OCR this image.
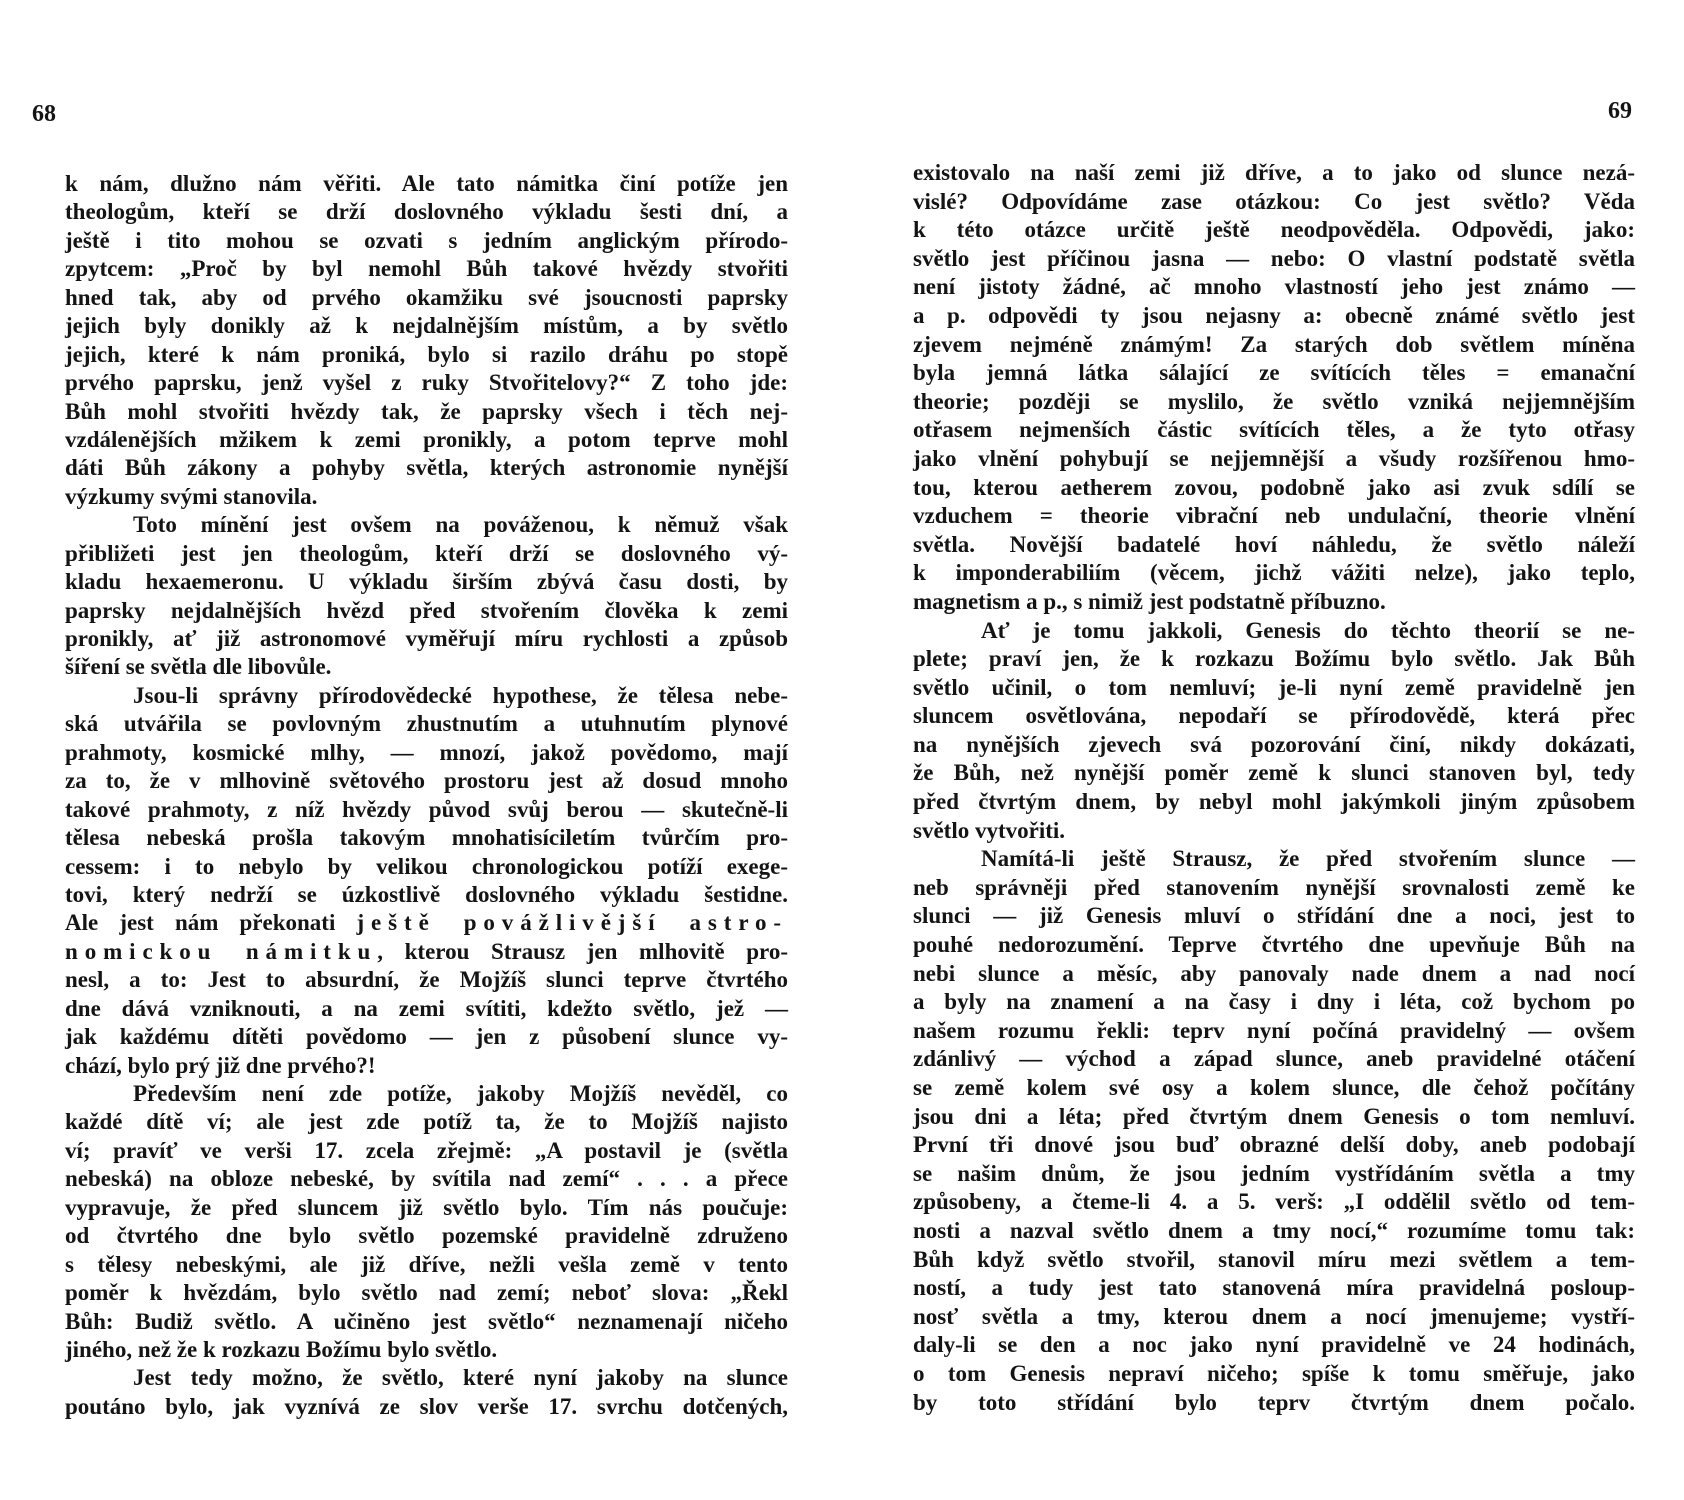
68
k nám, dlužno nám věřiti. Ale tato námitka činí potíže jen
theologům, kteří se drží doslovného výkladu šesti dní, a
ještě i tito mohou se ozvati s jedním anglickým přírodo-
zpytcem: „Proč by byl nemohl Bůh takové hvězdy stvořiti
hned tak, aby od prvého okamžiku své jsoucnosti paprsky
jejich byly donikly až k nejdalnějším místům, a by světlo
jejich, které k nám proniká, bylo si razilo dráhu po stopě
prvého paprsku, jenž vyšel z ruky Stvořitelovy?“ Z toho jde:
Bůh mohl stvořiti hvězdy tak, že paprsky všech i těch nej-
vzdálenějších mžikem k zemi pronikly, a potom teprve mohl
dáti Bůh zákony a pohyby světla, kterých astronomie nynější
výzkumy svými stanovila.
Toto mínění jest ovšem na pováženou, k němuž však
přibližeti jest jen theologům, kteří drží se doslovného vý-
kladu hexaemeronu. U výkladu širším zbývá času dosti, by
paprsky nejdalnějších hvězd před stvořením člověka k zemi
pronikly, ať již astronomové vyměřují míru rychlosti a způsob
šíření se světla dle libovůle.
Jsou-li správny přírodovědecké hypothese, že tělesa nebe-
ská utvářila se povlovným zhustnutím a utuhnutím plynové
prahmoty, kosmické mlhy, — mnozí, jakož povědomo, mají
za to, že v mlhovině světového prostoru jest až dosud mnoho
takové prahmoty, z níž hvězdy původ svůj berou — skutečně-li
tělesa nebeská prošla takovým mnohatisíciletím tvůrčím pro-
cessem: i to nebylo by velikou chronologickou potíží exege-
tovi, který nedrží se úzkostlivě doslovného výkladu šestidne.
Ale jest nám překonati ještě povážlivější astro-
nomickou námitku, kterou Strausz jen mlhovitě pro-
nesl, a to: Jest to absurdní, že Mojžíš slunci teprve čtvrtého
dne dává vzniknouti, a na zemi svítiti, kdežto světlo, jež —
jak každému dítěti povědomo — jen z působení slunce vy-
chází, bylo prý již dne prvého?!
Především není zde potíže, jakoby Mojžíš nevěděl, co
každé dítě ví; ale jest zde potíž ta, že to Mojžíš najisto
ví; pravíť ve verši 17. zcela zřejmě: „A postavil je (světla
nebeská) na obloze nebeské, by svítila nad zemí“ . . . a přece
vypravuje, že před sluncem již světlo bylo. Tím nás poučuje:
od čtvrtého dne bylo světlo pozemské pravidelně združeno
s tělesy nebeskými, ale již dříve, nežli vešla země v tento
poměr k hvězdám, bylo světlo nad zemí; neboť slova: „Řekl
Bůh: Budiž světlo. A učiněno jest světlo“ neznamenají ničeho
jiného, než že k rozkazu Božímu bylo světlo.
Jest tedy možno, že světlo, které nyní jakoby na slunce
poutáno bylo, jak vyznívá ze slov verše 17. svrchu dotčených,
69
existovalo na naší zemi již dříve, a to jako od slunce nezá-
vislé? Odpovídáme zase otázkou: Co jest světlo? Věda
k této otázce určitě ještě neodpověděla. Odpovědi, jako:
světlo jest příčinou jasna — nebo: O vlastní podstatě světla
není jistoty žádné, ač mnoho vlastností jeho jest známo —
a p. odpovědi ty jsou nejasny a: obecně známé světlo jest
zjevem nejméně známým! Za starých dob světlem míněna
byla jemná látka sálající ze svítících těles = emanační
theorie; později se myslilo, že světlo vzniká nejjemnějším
otřasem nejmenších částic svítících těles, a že tyto otřasy
jako vlnění pohybují se nejjemnější a všudy rozšířenou hmo-
tou, kterou aetherem zovou, podobně jako asi zvuk sdílí se
vzduchem = theorie vibrační neb undulační, theorie vlnění
světla. Novější badatelé hoví náhledu, že světlo náleží
k imponderabiliím (věcem, jichž vážiti nelze), jako teplo,
magnetism a p., s nimiž jest podstatně příbuzno.
Ať je tomu jakkoli, Genesis do těchto theorií se ne-
plete; praví jen, že k rozkazu Božímu bylo světlo. Jak Bůh
světlo učinil, o tom nemluví; je-li nyní země pravidelně jen
sluncem osvětlována, nepodaří se přírodovědě, která přec
na nynějších zjevech svá pozorování činí, nikdy dokázati,
že Bůh, než nynější poměr země k slunci stanoven byl, tedy
před čtvrtým dnem, by nebyl mohl jakýmkoli jiným způsobem
světlo vytvořiti.
Namítá-li ještě Strausz, že před stvořením slunce —
neb správněji před stanovením nynější srovnalosti země ke
slunci — již Genesis mluví o střídání dne a noci, jest to
pouhé nedorozumění. Teprve čtvrtého dne upevňuje Bůh na
nebi slunce a měsíc, aby panovaly nade dnem a nad nocí
a byly na znamení a na časy i dny i léta, což bychom po
našem rozumu řekli: teprv nyní počíná pravidelný — ovšem
zdánlivý — východ a západ slunce, aneb pravidelné otáčení
se země kolem své osy a kolem slunce, dle čehož počítány
jsou dni a léta; před čtvrtým dnem Genesis o tom nemluví.
První tři dnové jsou buď obrazné delší doby, aneb podobají
se našim dnům, že jsou jedním vystřídáním světla a tmy
způsobeny, a čteme-li 4. a 5. verš: „I oddělil světlo od tem-
nosti a nazval světlo dnem a tmy nocí,“ rozumíme tomu tak:
Bůh když světlo stvořil, stanovil míru mezi světlem a tem-
ností, a tudy jest tato stanovená míra pravidelná posloup-
nosť světla a tmy, kterou dnem a nocí jmenujeme; vystří-
daly-li se den a noc jako nyní pravidelně ve 24 hodinách,
o tom Genesis nepraví ničeho; spíše k tomu směřuje, jako
by toto střídání bylo teprv čtvrtým dnem počalo.
